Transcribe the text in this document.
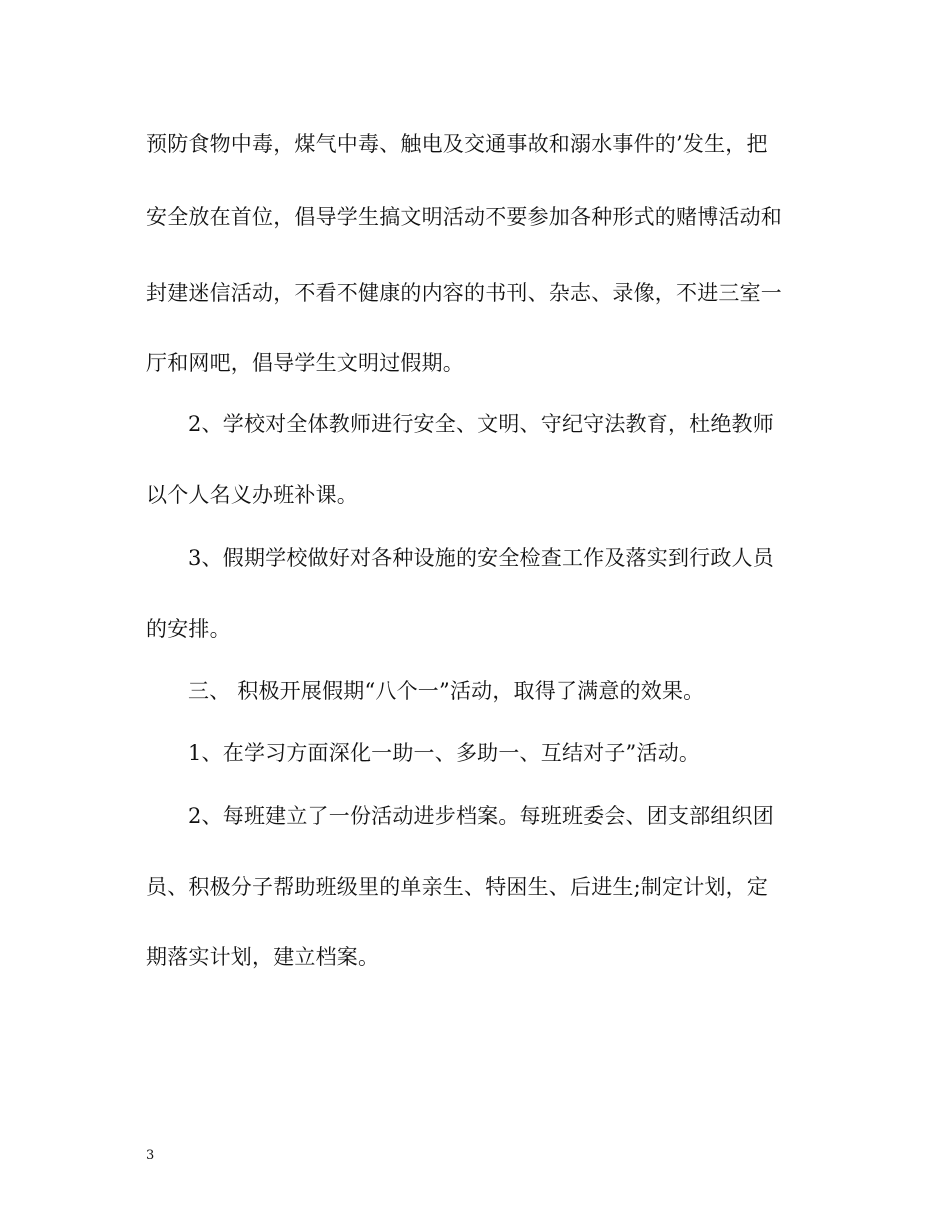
预防食物中毒，煤气中毒、触电及交通事故和溺水事件的’发生，把
安全放在首位，倡导学生搞文明活动不要参加各种形式的赌博活动和
封建迷信活动，不看不健康的内容的书刊、杂志、录像，不进三室一
厅和网吧，倡导学生文明过假期。
2、学校对全体教师进行安全、文明、守纪守法教育，杜绝教师
以个人名义办班补课。
3、假期学校做好对各种设施的安全检查工作及落实到行政人员
的安排。
三、 积极开展假期“八个一”活动，取得了满意的效果。
1、在学习方面深化一助一、多助一、互结对子”活动。
2、每班建立了一份活动进步档案。每班班委会、团支部组织团
员、积极分子帮助班级里的单亲生、特困生、后进生;制定计划，定
期落实计划，建立档案。
3
